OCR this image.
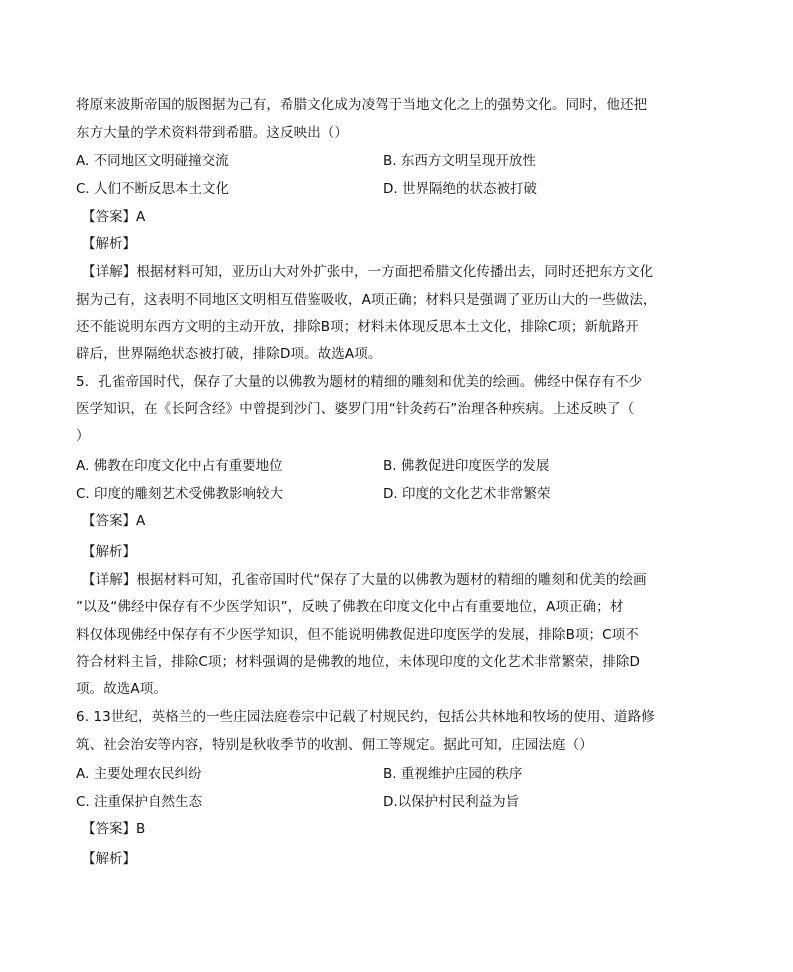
将原来波斯帝国的版图据为己有，希腊文化成为凌驾于当地文化之上的强势文化。同时，他还把
东方大量的学术资料带到希腊。这反映出（）
A. 不同地区文明碰撞交流	B. 东西方文明呈现开放性
C. 人们不断反思本土文化	D. 世界隔绝的状态被打破
【答案】A
【解析】
【详解】根据材料可知，亚历山大对外扩张中，一方面把希腊文化传播出去，同时还把东方文化
据为己有，这表明不同地区文明相互借鉴吸收，A项正确；材料只是强调了亚历山大的一些做法，
还不能说明东西方文明的主动开放，排除B项；材料未体现反思本土文化，排除C项；新航路开
辟后，世界隔绝状态被打破，排除D项。故选A项。
5．孔雀帝国时代，保存了大量的以佛教为题材的精细的雕刻和优美的绘画。佛经中保存有不少
医学知识，在《长阿含经》中曾提到沙门、婆罗门用“针灸药石”治理各种疾病。上述反映了（
）
A. 佛教在印度文化中占有重要地位	B. 佛教促进印度医学的发展
C. 印度的雕刻艺术受佛教影响较大	D. 印度的文化艺术非常繁荣
【答案】A
【解析】
【详解】根据材料可知，孔雀帝国时代“保存了大量的以佛教为题材的精细的雕刻和优美的绘画
”以及“佛经中保存有不少医学知识”，反映了佛教在印度文化中占有重要地位，A项正确；材
料仅体现佛经中保存有不少医学知识，但不能说明佛教促进印度医学的发展，排除B项；C项不
符合材料主旨，排除C项；材料强调的是佛教的地位，未体现印度的文化艺术非常繁荣，排除D
项。故选A项。
6. 13世纪，英格兰的一些庄园法庭卷宗中记载了村规民约，包括公共林地和牧场的使用、道路修
筑、社会治安等内容，特别是秋收季节的收割、佣工等规定。据此可知，庄园法庭（）
A. 主要处理农民纠纷	B. 重视维护庄园的秩序
C. 注重保护自然生态	D.以保护村民利益为旨
【答案】B
【解析】
